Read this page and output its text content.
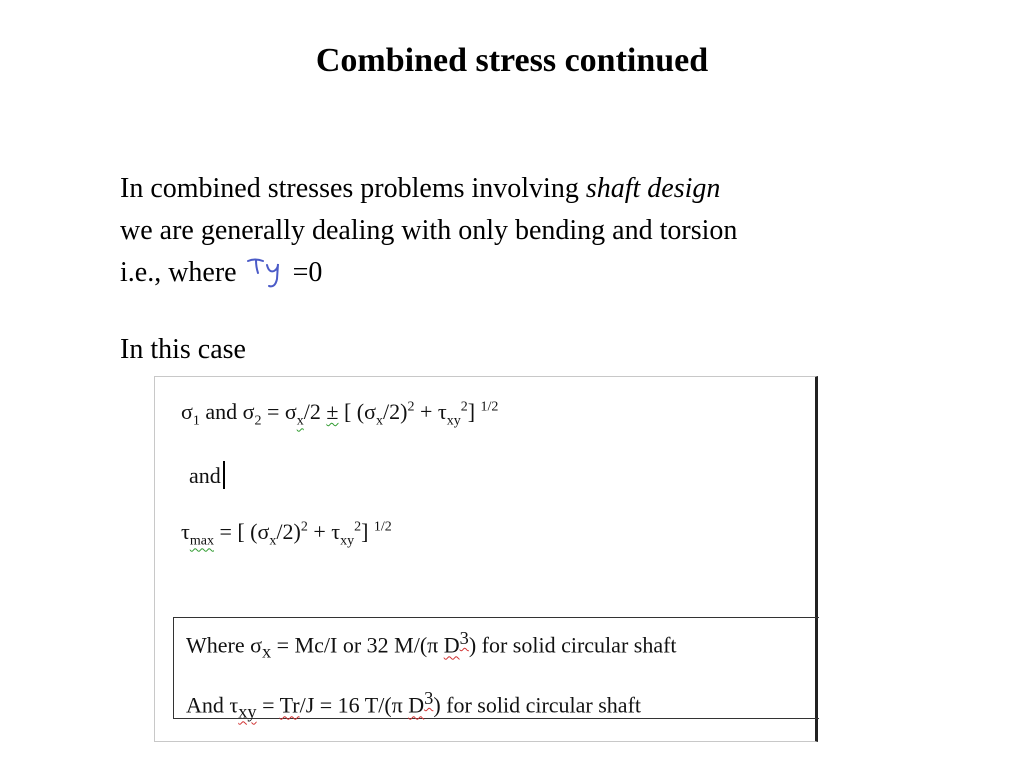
Combined stress continued
In combined stresses problems involving shaft design
we are generally dealing with only bending and torsion
i.e., where =0
In this case
$\sigma_1$ and $\sigma_2 = \sigma_x/2$ ± [ $(\sigma_x/2)^2 + \tau_{xy}^2$] $^{1/2}$
and
$\tau_{max}$ = [ $(\sigma_x/2)^2 + \tau_{xy}^2$] $^{1/2}$
Where $\sigma_x = Mc/I$ or 32 M/(π $D^3$) for solid circular shaft
And $\tau_{xy} = Tr/J = 16$ T/(π $D^3$) for solid circular shaft
